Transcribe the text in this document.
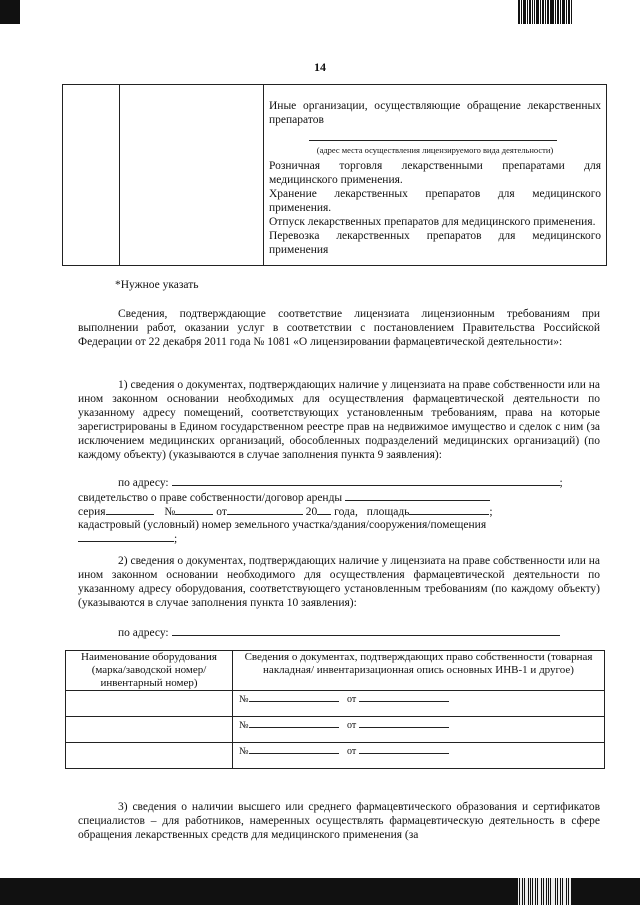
14

Иные организации, осуществляющие обращение лекарственных препаратов

(адрес места осуществления лицензируемого вида деятельности)

Розничная торговля лекарственными препаратами для медицинского применения.

Хранение лекарственных препаратов для медицинского применения.

Отпуск лекарственных препаратов для медицинского применения.

Перевозка лекарственных препаратов для медицинского применения

*Нужное указать
Сведения, подтверждающие соответствие лицензиата лицензионным требованиям при выполнении работ, оказании услуг в соответствии с постановлением Правительства Российской Федерации от 22 декабря 2011 года № 1081 «О лицензировании фармацевтической деятельности»:
1) сведения о документах, подтверждающих наличие у лицензиата на праве собственности или на ином законном основании необходимых для осуществления фармацевтической деятельности по указанному адресу помещений, соответствующих установленным требованиям, права на которые зарегистрированы в Едином государственном реестре прав на недвижимое имущество и сделок с ним (за исключением медицинских организаций, обособленных подразделений медицинских организаций) (по каждому объекту) (указываются в случае заполнения пункта 9 заявления):
по адресу:	;
свидетельство о праве собственности/договор аренды
серия	№	от	20 года, площадь	;
кадастровый (условный) номер земельного участка/здания/сооружения/помещения
;
2) сведения о документах, подтверждающих наличие у лицензиата на праве собственности или на ином законном основании необходимого для осуществления фармацевтической деятельности по указанному адресу оборудования, соответствующего установленным требованиям (по каждому объекту) (указываются в случае заполнения пункта 10 заявления):
по адресу:
Наименование оборудования (марка/заводской номер/ инвентарный номер)	Сведения о документах, подтверждающих право собственности (товарная накладная/ инвентаризационная опись основных ИНВ-1 и другое)
	№ от
	№ от
	№ от
3) сведения о наличии высшего или среднего фармацевтического образования и сертификатов специалистов – для работников, намеренных осуществлять фармацевтическую деятельность в сфере обращения лекарственных средств для медицинского применения (за
